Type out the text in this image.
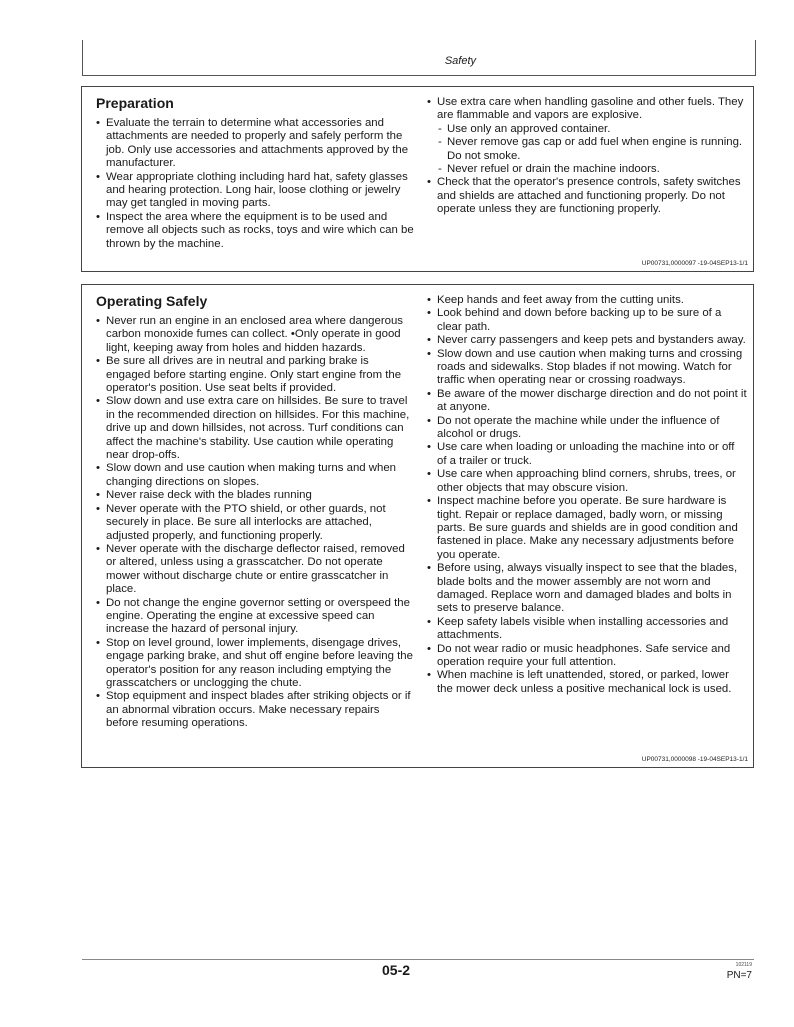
Safety
Preparation
• Evaluate the terrain to determine what accessories and attachments are needed to properly and safely perform the job. Only use accessories and attachments approved by the manufacturer.
• Wear appropriate clothing including hard hat, safety glasses and hearing protection. Long hair, loose clothing or jewelry may get tangled in moving parts.
• Inspect the area where the equipment is to be used and remove all objects such as rocks, toys and wire which can be thrown by the machine.
• Use extra care when handling gasoline and other fuels. They are flammable and vapors are explosive.
- Use only an approved container.
- Never remove gas cap or add fuel when engine is running. Do not smoke.
- Never refuel or drain the machine indoors.
• Check that the operator's presence controls, safety switches and shields are attached and functioning properly. Do not operate unless they are functioning properly.
UP00731,0000097 -19-04SEP13-1/1
Operating Safely
• Never run an engine in an enclosed area where dangerous carbon monoxide fumes can collect. •Only operate in good light, keeping away from holes and hidden hazards.
• Be sure all drives are in neutral and parking brake is engaged before starting engine. Only start engine from the operator's position. Use seat belts if provided.
• Slow down and use extra care on hillsides. Be sure to travel in the recommended direction on hillsides. For this machine, drive up and down hillsides, not across. Turf conditions can affect the machine's stability. Use caution while operating near drop-offs.
• Slow down and use caution when making turns and when changing directions on slopes.
• Never raise deck with the blades running
• Never operate with the PTO shield, or other guards, not securely in place. Be sure all interlocks are attached, adjusted properly, and functioning properly.
• Never operate with the discharge deflector raised, removed or altered, unless using a grasscatcher. Do not operate mower without discharge chute or entire grasscatcher in place.
• Do not change the engine governor setting or overspeed the engine. Operating the engine at excessive speed can increase the hazard of personal injury.
• Stop on level ground, lower implements, disengage drives, engage parking brake, and shut off engine before leaving the operator's position for any reason including emptying the grasscatchers or unclogging the chute.
• Stop equipment and inspect blades after striking objects or if an abnormal vibration occurs. Make necessary repairs before resuming operations.
• Keep hands and feet away from the cutting units.
• Look behind and down before backing up to be sure of a clear path.
• Never carry passengers and keep pets and bystanders away.
• Slow down and use caution when making turns and crossing roads and sidewalks. Stop blades if not mowing. Watch for traffic when operating near or crossing roadways.
• Be aware of the mower discharge direction and do not point it at anyone.
• Do not operate the machine while under the influence of alcohol or drugs.
• Use care when loading or unloading the machine into or off of a trailer or truck.
• Use care when approaching blind corners, shrubs, trees, or other objects that may obscure vision.
• Inspect machine before you operate. Be sure hardware is tight. Repair or replace damaged, badly worn, or missing parts. Be sure guards and shields are in good condition and fastened in place. Make any necessary adjustments before you operate.
• Before using, always visually inspect to see that the blades, blade bolts and the mower assembly are not worn and damaged. Replace worn and damaged blades and bolts in sets to preserve balance.
• Keep safety labels visible when installing accessories and attachments.
• Do not wear radio or music headphones. Safe service and operation require your full attention.
• When machine is left unattended, stored, or parked, lower the mower deck unless a positive mechanical lock is used.
UP00731,0000098 -19-04SEP13-1/1
05-2	102119
PN=7
